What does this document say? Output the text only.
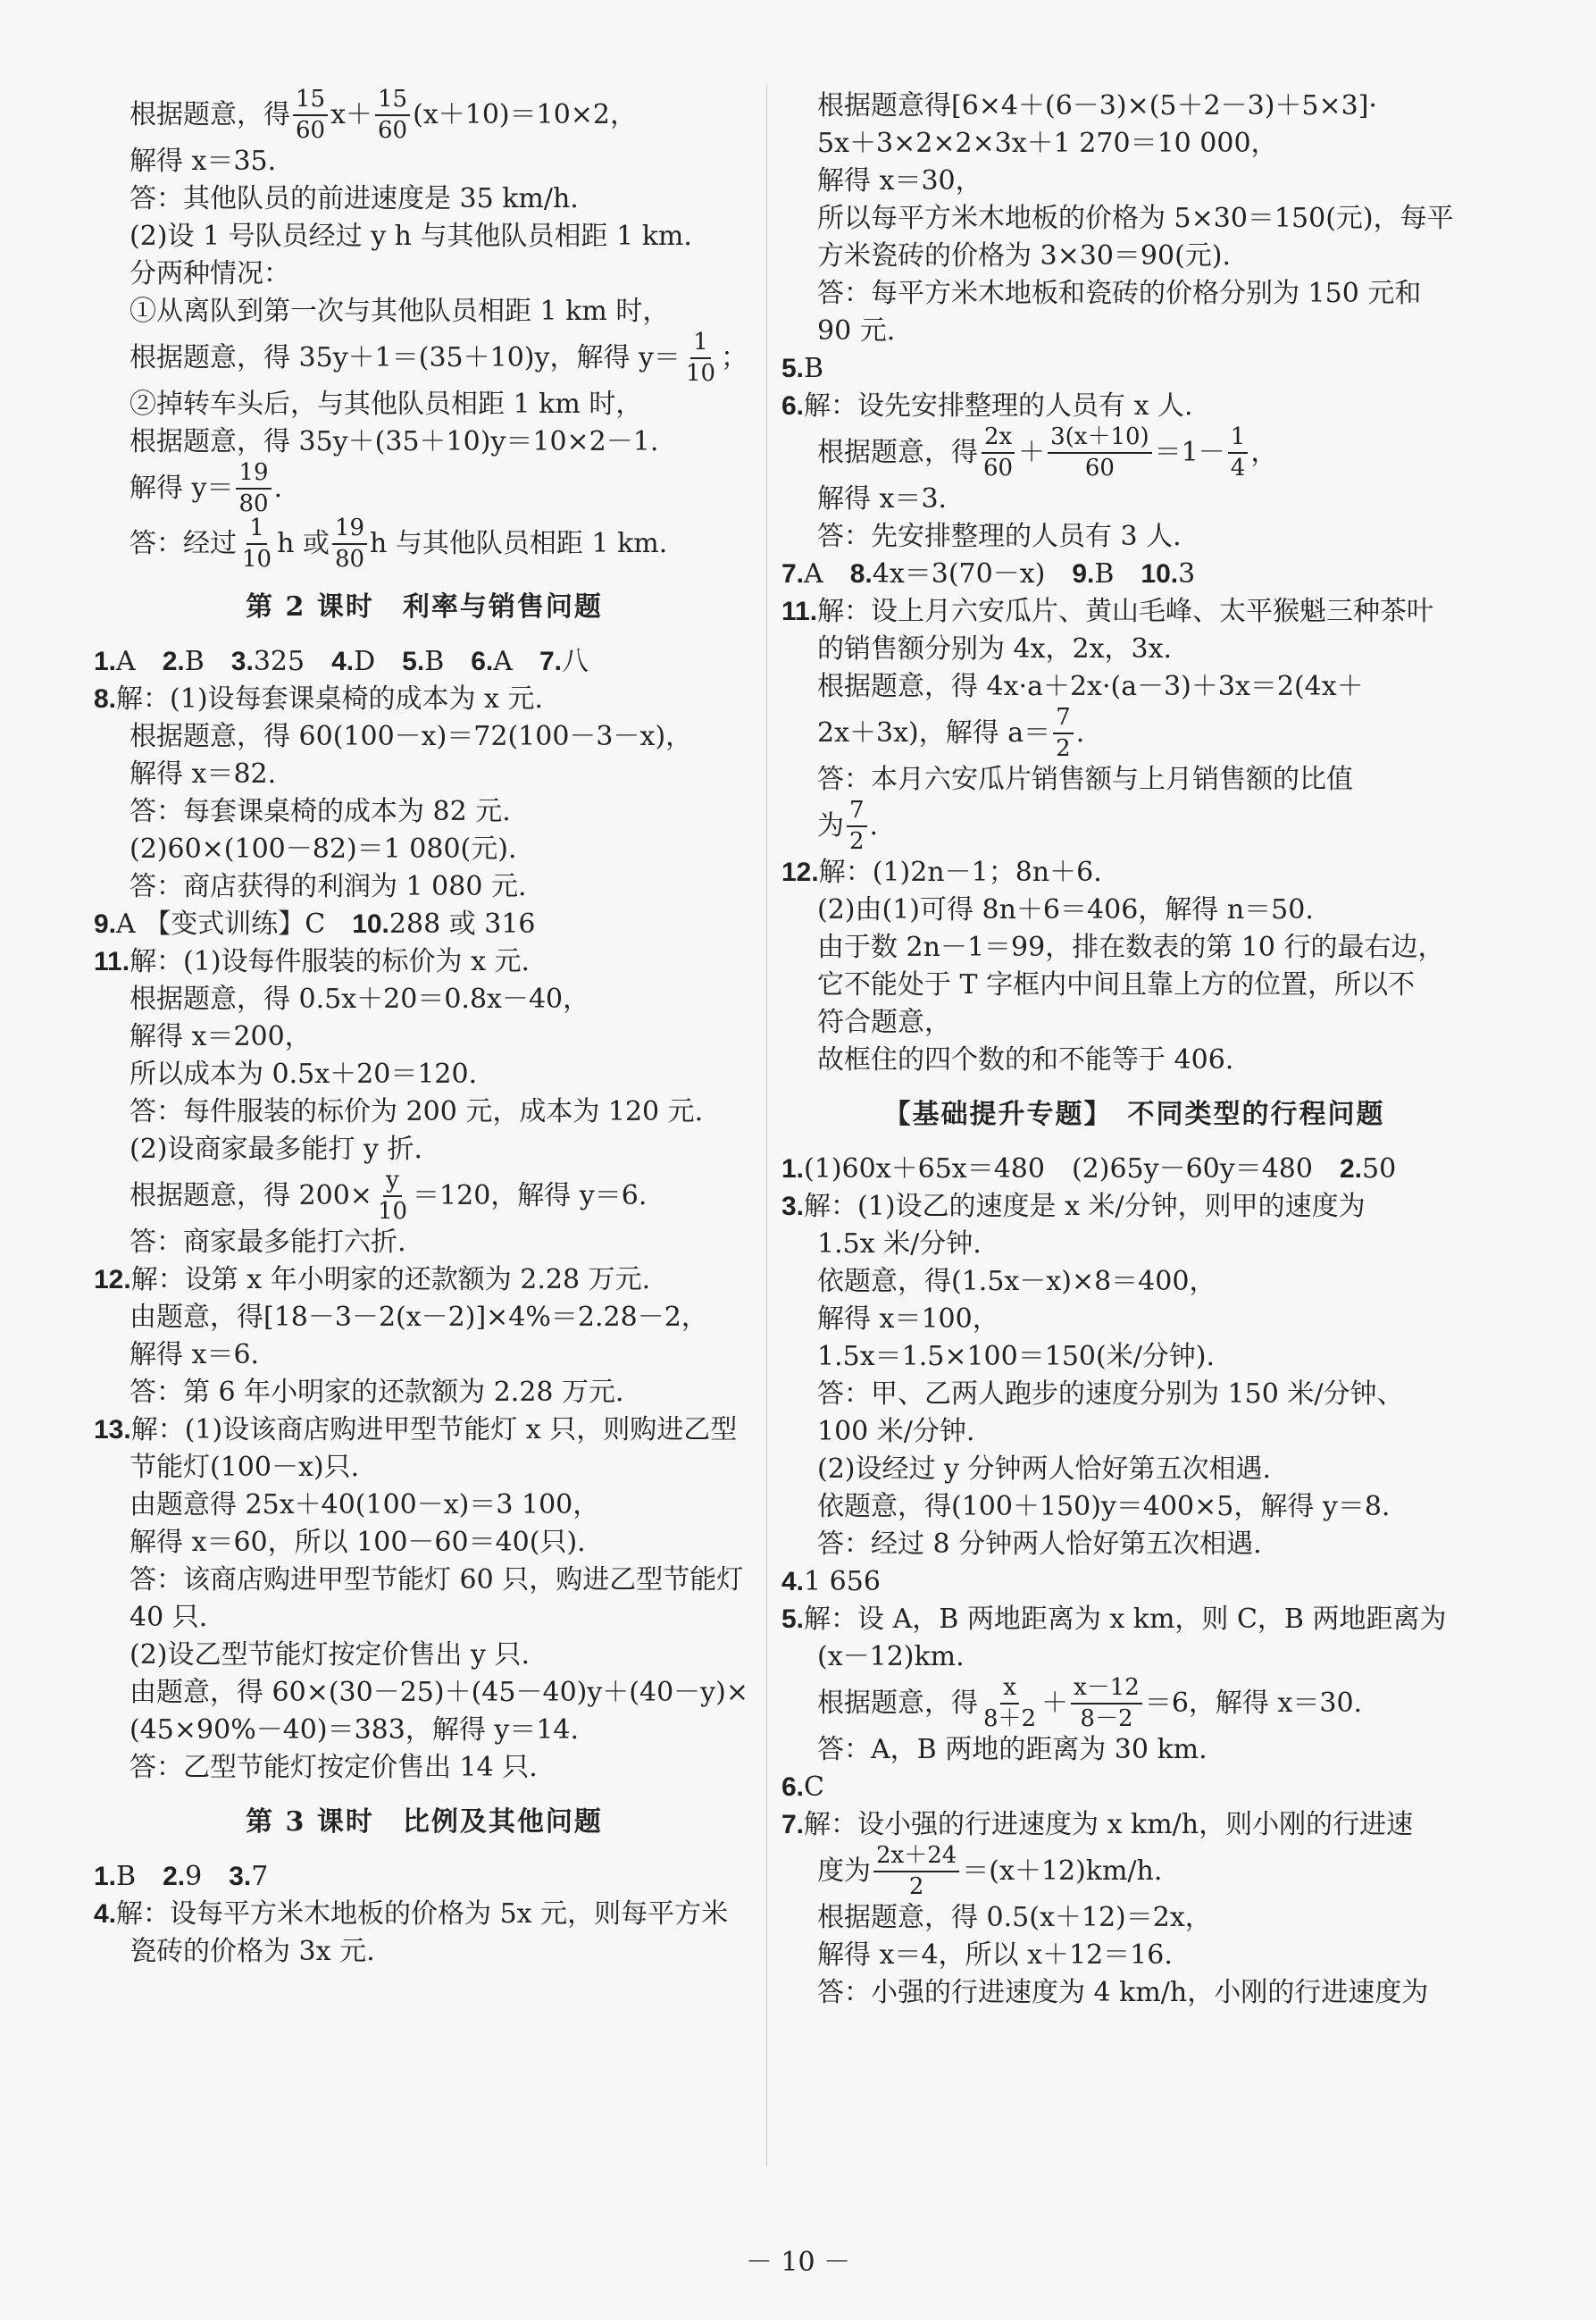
根据题意，得 $\frac{15}{60} x+ \frac{15}{60} (x+10)=10\times 2$，
解得 x＝35.
答：其他队员的前进速度是 35 km/h.
(2)设 1 号队员经过 y h 与其他队员相距 1 km.
分两种情况：
①从离队到第一次与其他队员相距 1 km 时，
根据题意，得 35y＋1＝(35＋10)y，解得 $y= \frac{1}{10}$ ；
②掉转车头后，与其他队员相距 1 km 时，
根据题意，得 35y＋(35＋10)y＝10×2－1.
解得 $y= \frac{19}{80}$ .
答：经过 $\frac{1}{10}$ h 或 $\frac{19}{80}$ h 与其他队员相距 1 km.
第 2 课时　利率与销售问题
1. A　 2. B　 3. 325　 4. D　 5. B　 6. A　 7. 八
8. 解：(1)设每套课桌椅的成本为 x 元.
根据题意，得 60(100－x)＝72(100－3－x)，
解得 x＝82.
答：每套课桌椅的成本为 82 元.
(2)60×(100－82)＝1 080(元).
答：商店获得的利润为 1 080 元.
9. A 【变式训练】C　 10. 288 或 316
11. 解：(1)设每件服装的标价为 x 元.
根据题意，得 0.5x＋20＝0.8x－40，
解得 x＝200，
所以成本为 0.5x＋20＝120.
答：每件服装的标价为 200 元，成本为 120 元.
(2)设商家最多能打 y 折.
根据题意，得 $200\times \frac{y}{10} =120$，解得 y＝6.
答：商家最多能打六折.
12. 解：设第 x 年小明家的还款额为 2.28 万元.
由题意，得[18－3－2(x－2)]×4%＝2.28－2，
解得 x＝6.
答：第 6 年小明家的还款额为 2.28 万元.
13. 解：(1)设该商店购进甲型节能灯 x 只，则购进乙型
节能灯(100－x)只.
由题意得 25x＋40(100－x)＝3 100，
解得 x＝60，所以 100－60＝40(只).
答：该商店购进甲型节能灯 60 只，购进乙型节能灯
40 只.
(2)设乙型节能灯按定价售出 y 只.
由题意，得 60×(30－25)＋(45－40)y＋(40－y)×
(45×90%－40)＝383，解得 y＝14.
答：乙型节能灯按定价售出 14 只.
第 3 课时　比例及其他问题
1. B　 2. 9　 3. 7
4. 解：设每平方米木地板的价格为 5x 元，则每平方米
瓷砖的价格为 3x 元.
根据题意得[6×4＋(6－3)×(5＋2－3)＋5×3]·
5x＋3×2×2×3x＋1 270＝10 000，
解得 x＝30，
所以每平方米木地板的价格为 5×30＝150(元)，每平
方米瓷砖的价格为 3×30＝90(元).
答：每平方米木地板和瓷砖的价格分别为 150 元和
90 元.
5. B
6. 解：设先安排整理的人员有 x 人.
根据题意，得 $\frac{2x}{60} + \frac{3(x+10)}{60} =1- \frac{1}{4}$ ，
解得 x＝3.
答：先安排整理的人员有 3 人.
7. A　 8. 4x＝3(70－x)　 9. B　 10. 3
11. 解：设上月六安瓜片、黄山毛峰、太平猴魁三种茶叶
的销售额分别为 4x，2x，3x.
根据题意，得 4x·a＋2x·(a－3)＋3x＝2(4x＋
2x＋3x)，解得 $a= \frac{7}{2}$ .
答：本月六安瓜片销售额与上月销售额的比值
为 $\frac{7}{2}$ .
12. 解：(1)2n－1；8n＋6.
(2)由(1)可得 8n＋6＝406，解得 n＝50.
由于数 2n－1＝99，排在数表的第 10 行的最右边，
它不能处于 T 字框内中间且靠上方的位置，所以不
符合题意，
故框住的四个数的和不能等于 406.
【基础提升专题】　不同类型的行程问题
1. (1)60x＋65x＝480　(2)65y－60y＝480　 2. 50
3. 解：(1)设乙的速度是 x 米/分钟，则甲的速度为
1.5x 米/分钟.
依题意，得(1.5x－x)×8＝400，
解得 x＝100，
1.5x＝1.5×100＝150(米/分钟).
答：甲、乙两人跑步的速度分别为 150 米/分钟、
100 米/分钟.
(2)设经过 y 分钟两人恰好第五次相遇.
依题意，得(100＋150)y＝400×5，解得 y＝8.
答：经过 8 分钟两人恰好第五次相遇.
4. 1 656
5. 解：设 A，B 两地距离为 x km，则 C，B 两地距离为
(x－12)km.
根据题意，得 $\frac{x}{8+2} + \frac{x-12}{8-2} =6$，解得 x＝30.
答：A，B 两地的距离为 30 km.
6. C
7. 解：设小强的行进速度为 x km/h，则小刚的行进速
度为 $\frac{2x+24}{2} =(x+12)km/h$.
根据题意，得 0.5(x＋12)＝2x，
解得 x＝4，所以 x＋12＝16.
答：小强的行进速度为 4 km/h，小刚的行进速度为
－ 10 －
